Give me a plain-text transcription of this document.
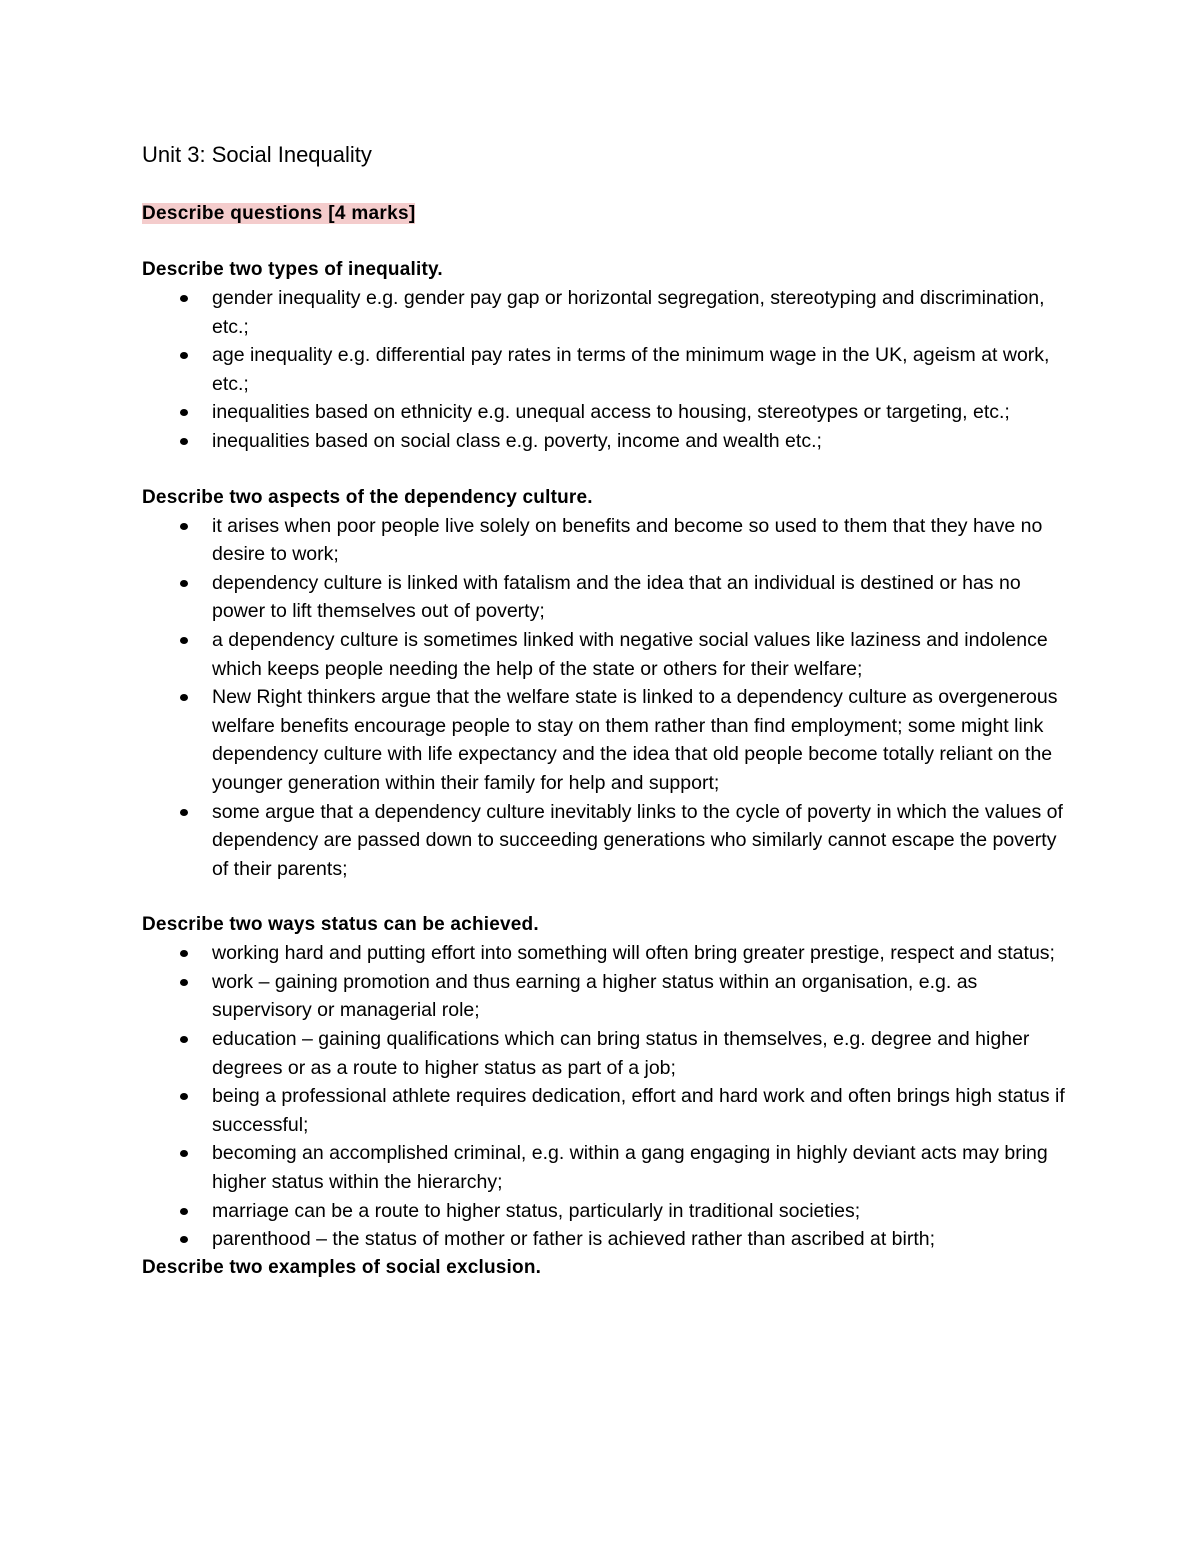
Unit 3: Social Inequality
Describe questions [4 marks]

Describe two types of inequality.

gender inequality e.g. gender pay gap or horizontal segregation, stereotyping and discrimination, etc.;
age inequality e.g. differential pay rates in terms of the minimum wage in the UK, ageism at work, etc.;
inequalities based on ethnicity e.g. unequal access to housing, stereotypes or targeting, etc.;
inequalities based on social class e.g. poverty, income and wealth etc.;

Describe two aspects of the dependency culture.

it arises when poor people live solely on benefits and become so used to them that they have no desire to work;
dependency culture is linked with fatalism and the idea that an individual is destined or has no power to lift themselves out of poverty;
a dependency culture is sometimes linked with negative social values like laziness and indolence which keeps people needing the help of the state or others for their welfare;
New Right thinkers argue that the welfare state is linked to a dependency culture as overgenerous welfare benefits encourage people to stay on them rather than find employment; some might link dependency culture with life expectancy and the idea that old people become totally reliant on the younger generation within their family for help and support;
some argue that a dependency culture inevitably links to the cycle of poverty in which the values of dependency are passed down to succeeding generations who similarly cannot escape the poverty of their parents;

Describe two ways status can be achieved.

working hard and putting effort into something will often bring greater prestige, respect and status;
work – gaining promotion and thus earning a higher status within an organisation, e.g. as supervisory or managerial role;
education – gaining qualifications which can bring status in themselves, e.g. degree and higher degrees or as a route to higher status as part of a job;
being a professional athlete requires dedication, effort and hard work and often brings high status if successful;
becoming an accomplished criminal, e.g. within a gang engaging in highly deviant acts may bring higher status within the hierarchy;
marriage can be a route to higher status, particularly in traditional societies;
parenthood – the status of mother or father is achieved rather than ascribed at birth;

Describe two examples of social exclusion.
